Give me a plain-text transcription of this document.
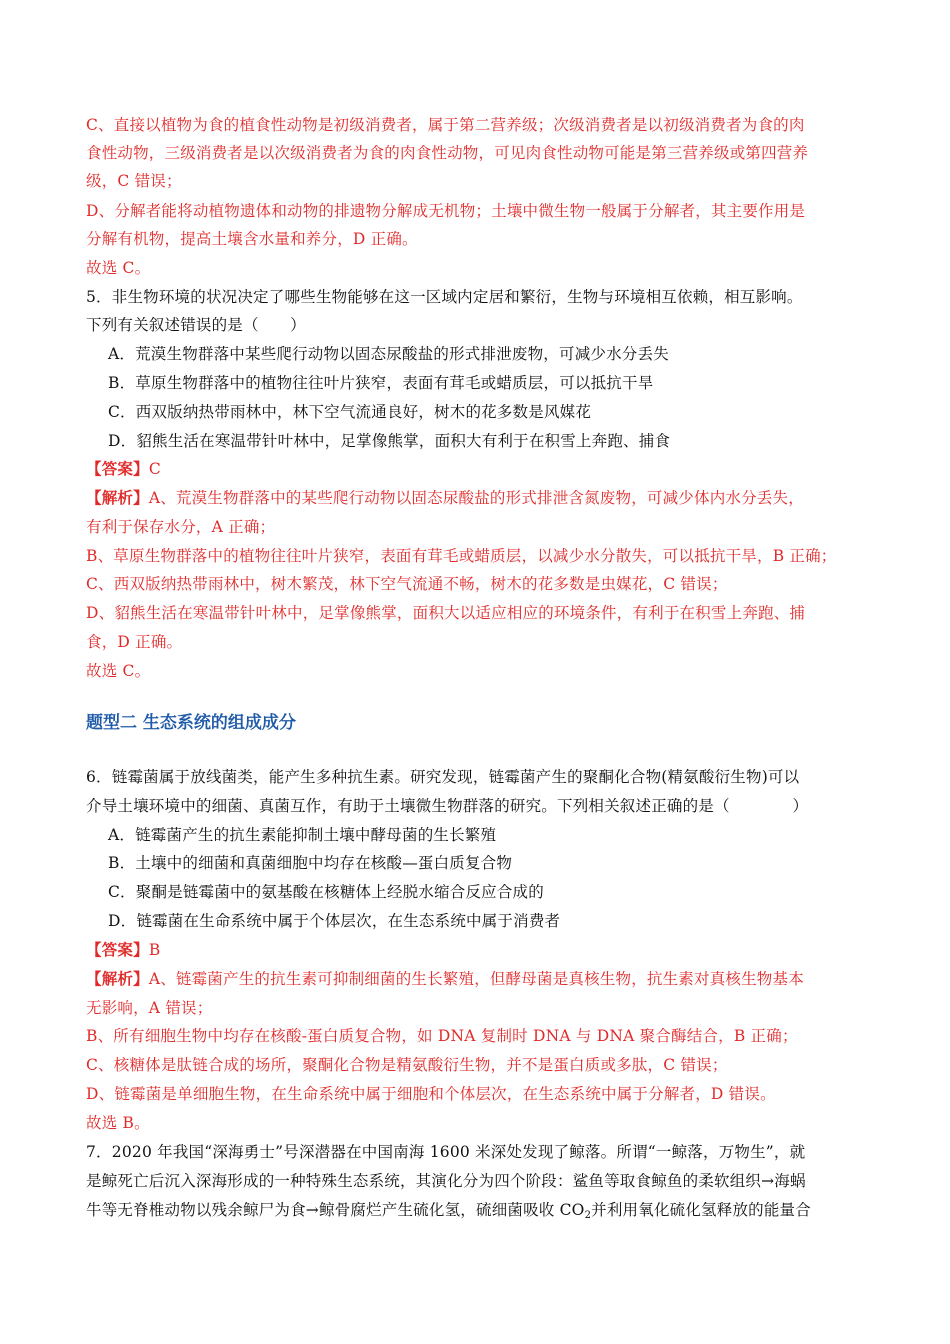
C、直接以植物为食的植食性动物是初级消费者，属于第二营养级；次级消费者是以初级消费者为食的肉
食性动物，三级消费者是以次级消费者为食的肉食性动物，可见肉食性动物可能是第三营养级或第四营养
级，C 错误；
D、分解者能将动植物遗体和动物的排遗物分解成无机物；土壤中微生物一般属于分解者，其主要作用是
分解有机物，提高土壤含水量和养分，D 正确。
故选 C。
5．非生物环境的状况决定了哪些生物能够在这一区域内定居和繁衍，生物与环境相互依赖，相互影响。
下列有关叙述错误的是（　　）
A．荒漠生物群落中某些爬行动物以固态尿酸盐的形式排泄废物，可减少水分丢失
B．草原生物群落中的植物往往叶片狭窄，表面有茸毛或蜡质层，可以抵抗干旱
C．西双版纳热带雨林中，林下空气流通良好，树木的花多数是风媒花
D．貂熊生活在寒温带针叶林中，足掌像熊掌，面积大有利于在积雪上奔跑、捕食
【答案】C
【解析】A、荒漠生物群落中的某些爬行动物以固态尿酸盐的形式排泄含氮废物，可减少体内水分丢失，
有利于保存水分，A 正确；
B、草原生物群落中的植物往往叶片狭窄，表面有茸毛或蜡质层，以减少水分散失，可以抵抗干旱，B 正确；
C、西双版纳热带雨林中，树木繁茂，林下空气流通不畅，树木的花多数是虫媒花，C 错误；
D、貂熊生活在寒温带针叶林中，足掌像熊掌，面积大以适应相应的环境条件，有利于在积雪上奔跑、捕
食，D 正确。
故选 C。
题型二 生态系统的组成成分
6．链霉菌属于放线菌类，能产生多种抗生素。研究发现，链霉菌产生的聚酮化合物(精氨酸衍生物)可以
介导土壤环境中的细菌、真菌互作，有助于土壤微生物群落的研究。下列相关叙述正确的是（　　　　）
A．链霉菌产生的抗生素能抑制土壤中酵母菌的生长繁殖
B．土壤中的细菌和真菌细胞中均存在核酸—蛋白质复合物
C．聚酮是链霉菌中的氨基酸在核糖体上经脱水缩合反应合成的
D．链霉菌在生命系统中属于个体层次，在生态系统中属于消费者
【答案】B
【解析】A、链霉菌产生的抗生素可抑制细菌的生长繁殖，但酵母菌是真核生物，抗生素对真核生物基本
无影响，A 错误；
B、所有细胞生物中均存在核酸-蛋白质复合物，如 DNA 复制时 DNA 与 DNA 聚合酶结合，B 正确；
C、核糖体是肽链合成的场所，聚酮化合物是精氨酸衍生物，并不是蛋白质或多肽，C 错误；
D、链霉菌是单细胞生物，在生命系统中属于细胞和个体层次，在生态系统中属于分解者，D 错误。
故选 B。
7．2020 年我国“深海勇士”号深潜器在中国南海 1600 米深处发现了鲸落。所谓“一鲸落，万物生”，就
是鲸死亡后沉入深海形成的一种特殊生态系统，其演化分为四个阶段：鲨鱼等取食鲸鱼的柔软组织→海蜗
牛等无脊椎动物以残余鲸尸为食→鲸骨腐烂产生硫化氢，硫细菌吸收 $CO_2$并利用氧化硫化氢释放的能量合
